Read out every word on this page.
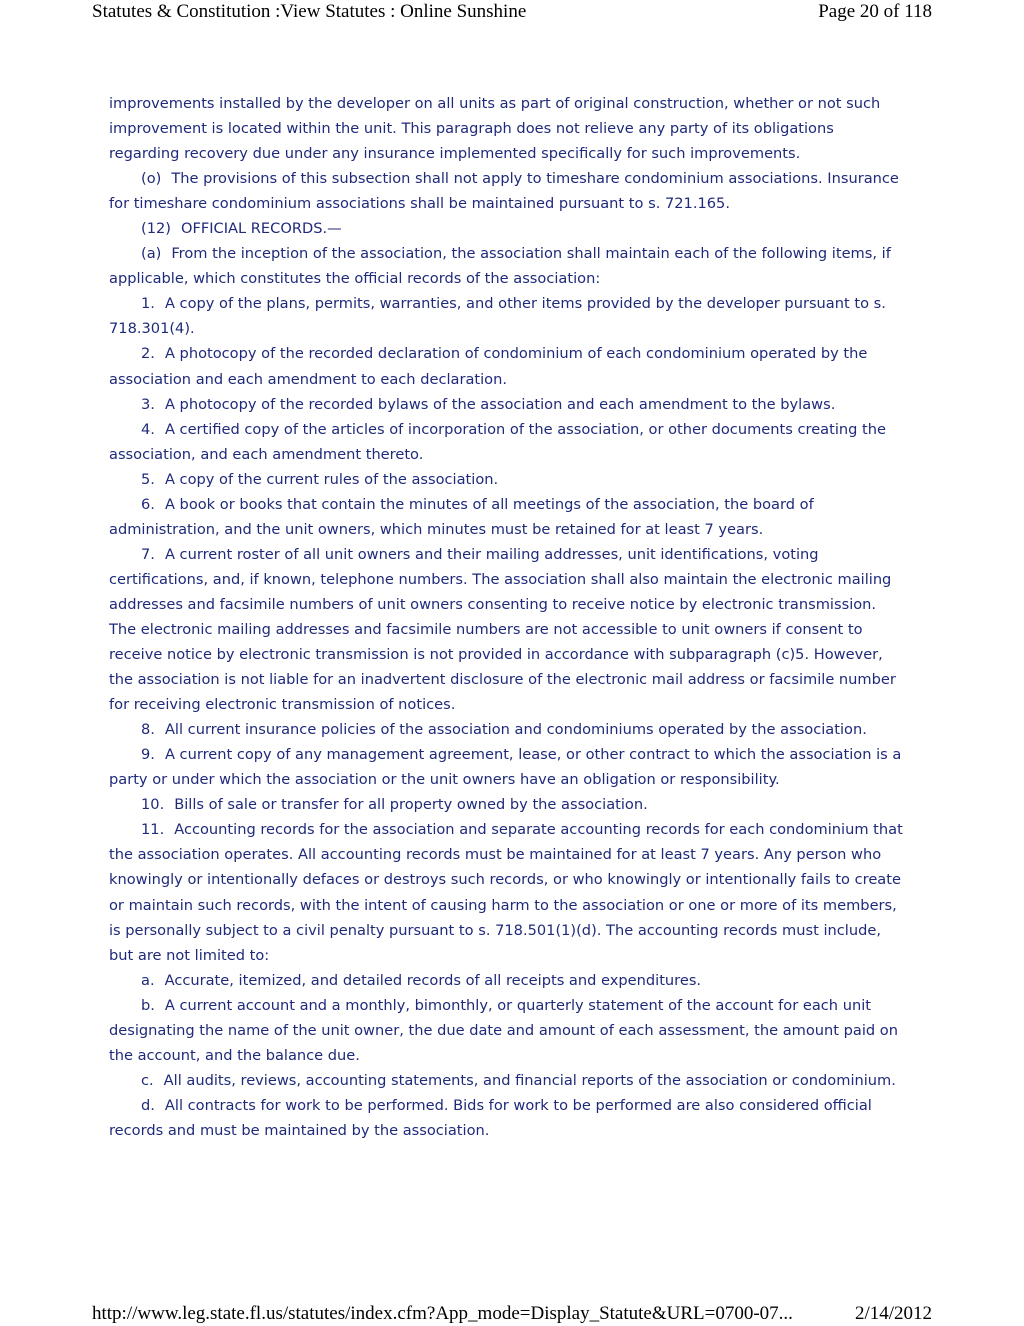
Statutes & Constitution :View Statutes : Online Sunshine	Page 20 of 118

improvements installed by the developer on all units as part of original construction, whether or not such improvement is located within the unit. This paragraph does not relieve any party of its obligations regarding recovery due under any insurance implemented specifically for such improvements.

(o) The provisions of this subsection shall not apply to timeshare condominium associations. Insurance for timeshare condominium associations shall be maintained pursuant to s. 721.165.

(12) OFFICIAL RECORDS.—

(a) From the inception of the association, the association shall maintain each of the following items, if applicable, which constitutes the official records of the association:

1. A copy of the plans, permits, warranties, and other items provided by the developer pursuant to s. 718.301(4).

2. A photocopy of the recorded declaration of condominium of each condominium operated by the association and each amendment to each declaration.

3. A photocopy of the recorded bylaws of the association and each amendment to the bylaws.

4. A certified copy of the articles of incorporation of the association, or other documents creating the association, and each amendment thereto.

5. A copy of the current rules of the association.

6. A book or books that contain the minutes of all meetings of the association, the board of administration, and the unit owners, which minutes must be retained for at least 7 years.

7. A current roster of all unit owners and their mailing addresses, unit identifications, voting certifications, and, if known, telephone numbers. The association shall also maintain the electronic mailing addresses and facsimile numbers of unit owners consenting to receive notice by electronic transmission. The electronic mailing addresses and facsimile numbers are not accessible to unit owners if consent to receive notice by electronic transmission is not provided in accordance with subparagraph (c)5. However, the association is not liable for an inadvertent disclosure of the electronic mail address or facsimile number for receiving electronic transmission of notices.

8. All current insurance policies of the association and condominiums operated by the association.

9. A current copy of any management agreement, lease, or other contract to which the association is a party or under which the association or the unit owners have an obligation or responsibility.

10. Bills of sale or transfer for all property owned by the association.

11. Accounting records for the association and separate accounting records for each condominium that the association operates. All accounting records must be maintained for at least 7 years. Any person who knowingly or intentionally defaces or destroys such records, or who knowingly or intentionally fails to create or maintain such records, with the intent of causing harm to the association or one or more of its members, is personally subject to a civil penalty pursuant to s. 718.501(1)(d). The accounting records must include, but are not limited to:

a. Accurate, itemized, and detailed records of all receipts and expenditures.

b. A current account and a monthly, bimonthly, or quarterly statement of the account for each unit designating the name of the unit owner, the due date and amount of each assessment, the amount paid on the account, and the balance due.

c. All audits, reviews, accounting statements, and financial reports of the association or condominium.

d. All contracts for work to be performed. Bids for work to be performed are also considered official records and must be maintained by the association.

http://www.leg.state.fl.us/statutes/index.cfm?App_mode=Display_Statute&URL=0700-07...	2/14/2012
